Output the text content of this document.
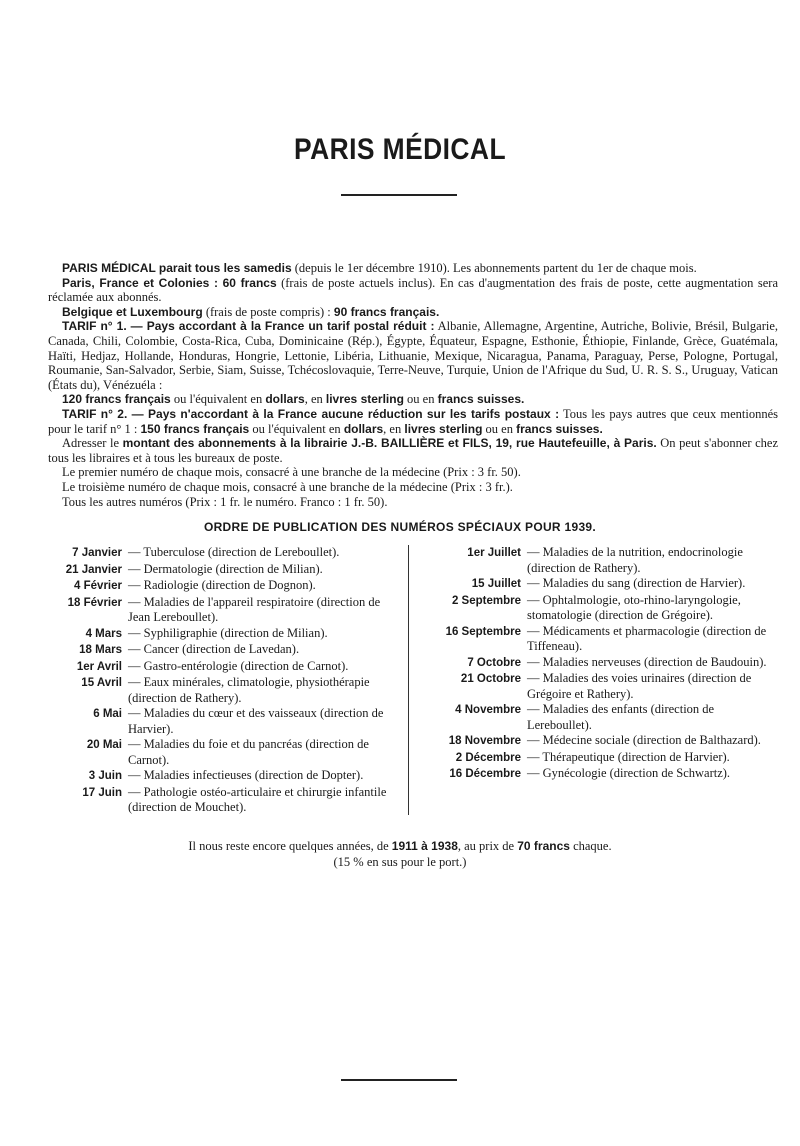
PARIS MÉDICAL

PARIS MÉDICAL parait tous les samedis (depuis le 1er décembre 1910). Les abonnements partent du 1er de chaque mois.

Paris, France et Colonies : 60 francs (frais de poste actuels inclus). En cas d'augmentation des frais de poste, cette augmentation sera réclamée aux abonnés.

Belgique et Luxembourg (frais de poste compris) : 90 francs français.

TARIF n° 1. — Pays accordant à la France un tarif postal réduit : Albanie, Allemagne, Argentine, Autriche, Bolivie, Brésil, Bulgarie, Canada, Chili, Colombie, Costa-Rica, Cuba, Dominicaine (Rép.), Égypte, Équateur, Espagne, Esthonie, Éthiopie, Finlande, Grèce, Guatémala, Haïti, Hedjaz, Hollande, Honduras, Hongrie, Lettonie, Libéria, Lithuanie, Mexique, Nicaragua, Panama, Paraguay, Perse, Pologne, Portugal, Roumanie, San-Salvador, Serbie, Siam, Suisse, Tchécoslovaquie, Terre-Neuve, Turquie, Union de l'Afrique du Sud, U. R. S. S., Uruguay, Vatican (États du), Vénézuéla :

120 francs français ou l'équivalent en dollars, en livres sterling ou en francs suisses.

TARIF n° 2. — Pays n'accordant à la France aucune réduction sur les tarifs postaux : Tous les pays autres que ceux mentionnés pour le tarif n° 1 : 150 francs français ou l'équivalent en dollars, en livres sterling ou en francs suisses.

Adresser le montant des abonnements à la librairie J.-B. BAILLIÈRE et FILS, 19, rue Hautefeuille, à Paris. On peut s'abonner chez tous les libraires et à tous les bureaux de poste.

Le premier numéro de chaque mois, consacré à une branche de la médecine (Prix : 3 fr. 50).

Le troisième numéro de chaque mois, consacré à une branche de la médecine (Prix : 3 fr.).

Tous les autres numéros (Prix : 1 fr. le numéro. Franco : 1 fr. 50).

ORDRE DE PUBLICATION DES NUMÉROS SPÉCIAUX POUR 1939.
7 Janvier — Tuberculose (direction de Lereboullet).
21 Janvier — Dermatologie (direction de Milian).
4 Février — Radiologie (direction de Dognon).
18 Février — Maladies de l'appareil respiratoire (direction de Jean Lereboullet).
4 Mars — Syphiligraphie (direction de Milian).
18 Mars — Cancer (direction de Lavedan).
1er Avril — Gastro-entérologie (direction de Carnot).
15 Avril — Eaux minérales, climatologie, physiothérapie (direction de Rathery).
6 Mai — Maladies du cœur et des vaisseaux (direction de Harvier).
20 Mai — Maladies du foie et du pancréas (direction de Carnot).
3 Juin — Maladies infectieuses (direction de Dopter).
17 Juin — Pathologie ostéo-articulaire et chirurgie infantile (direction de Mouchet).
1er Juillet — Maladies de la nutrition, endocrinologie (direction de Rathery).
15 Juillet — Maladies du sang (direction de Harvier).
2 Septembre — Ophtalmologie, oto-rhino-laryngologie, stomatologie (direction de Grégoire).
16 Septembre — Médicaments et pharmacologie (direction de Tiffeneau).
7 Octobre — Maladies nerveuses (direction de Baudouin).
21 Octobre — Maladies des voies urinaires (direction de Grégoire et Rathery).
4 Novembre — Maladies des enfants (direction de Lereboullet).
18 Novembre — Médecine sociale (direction de Balthazard).
2 Décembre — Thérapeutique (direction de Harvier).
16 Décembre — Gynécologie (direction de Schwartz).
Il nous reste encore quelques années, de 1911 à 1938, au prix de 70 francs chaque.
(15 % en sus pour le port.)
